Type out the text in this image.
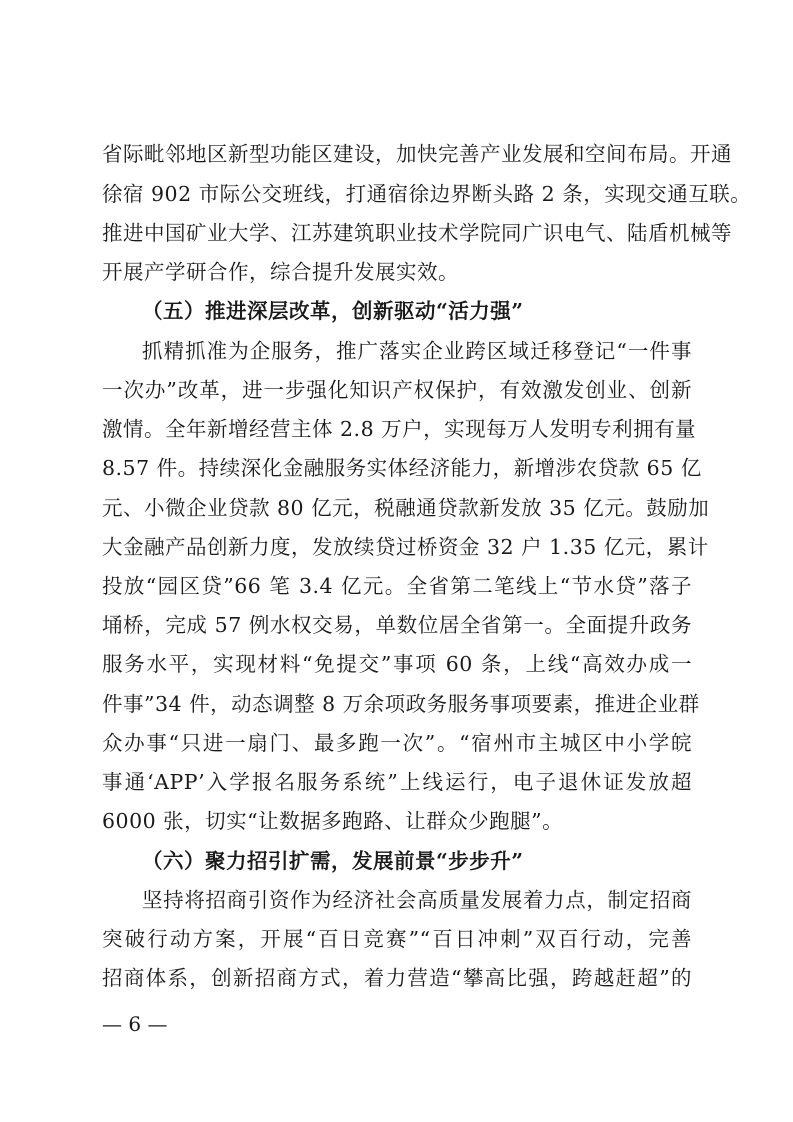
省际毗邻地区新型功能区建设，加快完善产业发展和空间布局。开通
徐宿 902 市际公交班线，打通宿徐边界断头路 2 条，实现交通互联。
推进中国矿业大学、江苏建筑职业技术学院同广识电气、陆盾机械等
开展产学研合作，综合提升发展实效。
（五）推进深层改革，创新驱动“活力强”
抓精抓准为企服务，推广落实企业跨区域迁移登记“一件事
一次办”改革，进一步强化知识产权保护，有效激发创业、创新
激情。全年新增经营主体 2.8 万户，实现每万人发明专利拥有量
8.57 件。持续深化金融服务实体经济能力，新增涉农贷款 65 亿
元、小微企业贷款 80 亿元，税融通贷款新发放 35 亿元。鼓励加
大金融产品创新力度，发放续贷过桥资金 32 户 1.35 亿元，累计
投放“园区贷”66 笔 3.4 亿元。全省第二笔线上“节水贷”落子
埇桥，完成 57 例水权交易，单数位居全省第一。全面提升政务
服务水平，实现材料“免提交”事项 60 条，上线“高效办成一
件事”34 件，动态调整 8 万余项政务服务事项要素，推进企业群
众办事“只进一扇门、最多跑一次”。“宿州市主城区中小学皖
事通‘APP’入学报名服务系统”上线运行，电子退休证发放超
6000 张，切实“让数据多跑路、让群众少跑腿”。
（六）聚力招引扩需，发展前景“步步升”
坚持将招商引资作为经济社会高质量发展着力点，制定招商
突破行动方案，开展“百日竞赛”“百日冲刺”双百行动，完善
招商体系，创新招商方式，着力营造“攀高比强，跨越赶超”的
— 6 —
